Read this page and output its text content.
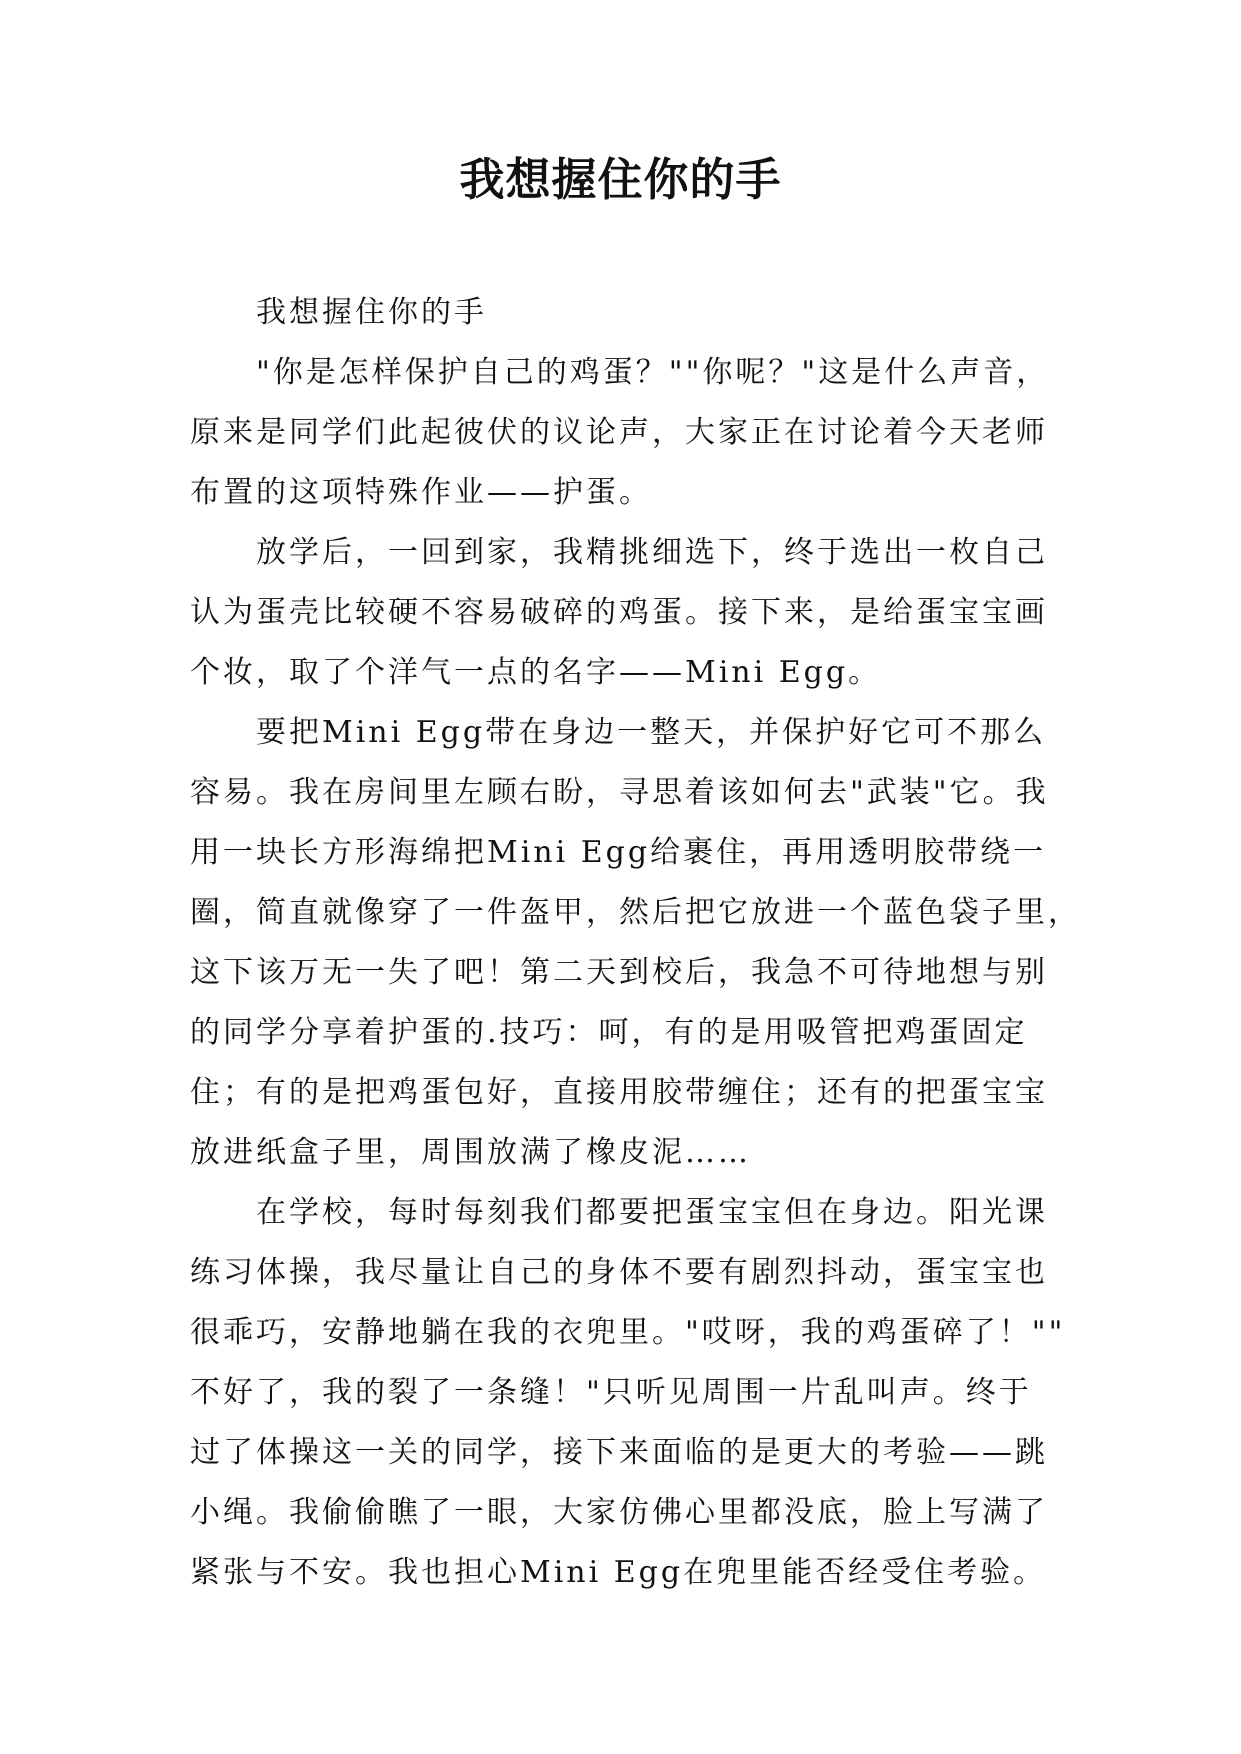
我想握住你的手
我想握住你的手
"你是怎样保护自己的鸡蛋？""你呢？"这是什么声音，
原来是同学们此起彼伏的议论声，大家正在讨论着今天老师
布置的这项特殊作业——护蛋。
放学后，一回到家，我精挑细选下，终于选出一枚自己
认为蛋壳比较硬不容易破碎的鸡蛋。接下来，是给蛋宝宝画
个妆，取了个洋气一点的名字——Mini Egg。
要把Mini Egg带在身边一整天，并保护好它可不那么
容易。我在房间里左顾右盼，寻思着该如何去"武装"它。我
用一块长方形海绵把Mini Egg给裹住，再用透明胶带绕一
圈，简直就像穿了一件盔甲，然后把它放进一个蓝色袋子里，
这下该万无一失了吧！第二天到校后，我急不可待地想与别
的同学分享着护蛋的.技巧：呵，有的是用吸管把鸡蛋固定
住；有的是把鸡蛋包好，直接用胶带缠住；还有的把蛋宝宝
放进纸盒子里，周围放满了橡皮泥……
在学校，每时每刻我们都要把蛋宝宝但在身边。阳光课
练习体操，我尽量让自己的身体不要有剧烈抖动，蛋宝宝也
很乖巧，安静地躺在我的衣兜里。"哎呀，我的鸡蛋碎了！""
不好了，我的裂了一条缝！"只听见周围一片乱叫声。终于
过了体操这一关的同学，接下来面临的是更大的考验——跳
小绳。我偷偷瞧了一眼，大家仿佛心里都没底，脸上写满了
紧张与不安。我也担心Mini Egg在兜里能否经受住考验。
